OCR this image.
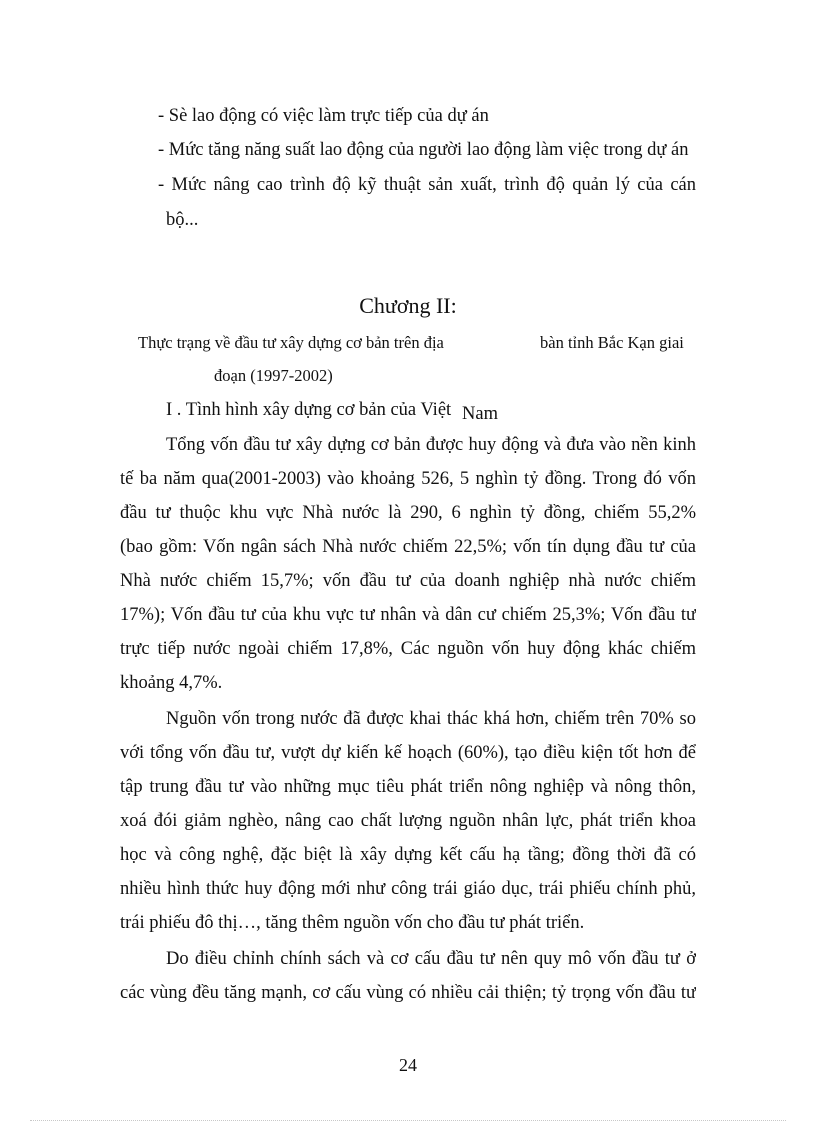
- Sè lao động có việc làm trực tiếp của dự án
- Mức tăng năng suất lao động của người lao động làm việc trong dự án
- Mức nâng cao trình độ kỹ thuật sản xuất, trình độ quản lý của cán
bộ...
Chương II:
Thực trạng về đầu tư xây dựng cơ bản trên địa	bàn tỉnh Bắc Kạn giai
đoạn (1997-2002)
I . Tình hình xây dựng cơ bản của Việt Nam
Tổng vốn đầu tư xây dựng cơ bản được huy động và đưa vào nền kinh
tế ba năm qua(2001-2003) vào khoảng 526, 5 nghìn tỷ đồng. Trong đó vốn
đầu tư thuộc khu vực Nhà nước là 290, 6 nghìn tỷ đồng, chiếm 55,2%
(bao gồm: Vốn ngân sách Nhà nước chiếm 22,5%; vốn tín dụng đầu tư của
Nhà nước chiếm 15,7%; vốn đầu tư của doanh nghiệp nhà nước chiếm
17%); Vốn đầu tư của khu vực tư nhân và dân cư chiếm 25,3%; Vốn đầu tư
trực tiếp nước ngoài chiếm 17,8%, Các nguồn vốn huy động khác chiếm
khoảng 4,7%.
Nguồn vốn trong nước đã được khai thác khá hơn, chiếm trên 70% so
với tổng vốn đầu tư, vượt dự kiến kế hoạch (60%), tạo điều kiện tốt hơn để
tập trung đầu tư vào những mục tiêu phát triển nông nghiệp và nông thôn,
xoá đói giảm nghèo, nâng cao chất lượng nguồn nhân lực, phát triển khoa
học và công nghệ, đặc biệt là xây dựng kết cấu hạ tầng; đồng thời đã có
nhiều hình thức huy động mới như công trái giáo dục, trái phiếu chính phủ,
trái phiếu đô thị…, tăng thêm nguồn vốn cho đầu tư phát triển.
Do điều chỉnh chính sách và cơ cấu đầu tư nên quy mô vốn đầu tư ở
các vùng đều tăng mạnh, cơ cấu vùng có nhiều cải thiện; tỷ trọng vốn đầu tư
24
